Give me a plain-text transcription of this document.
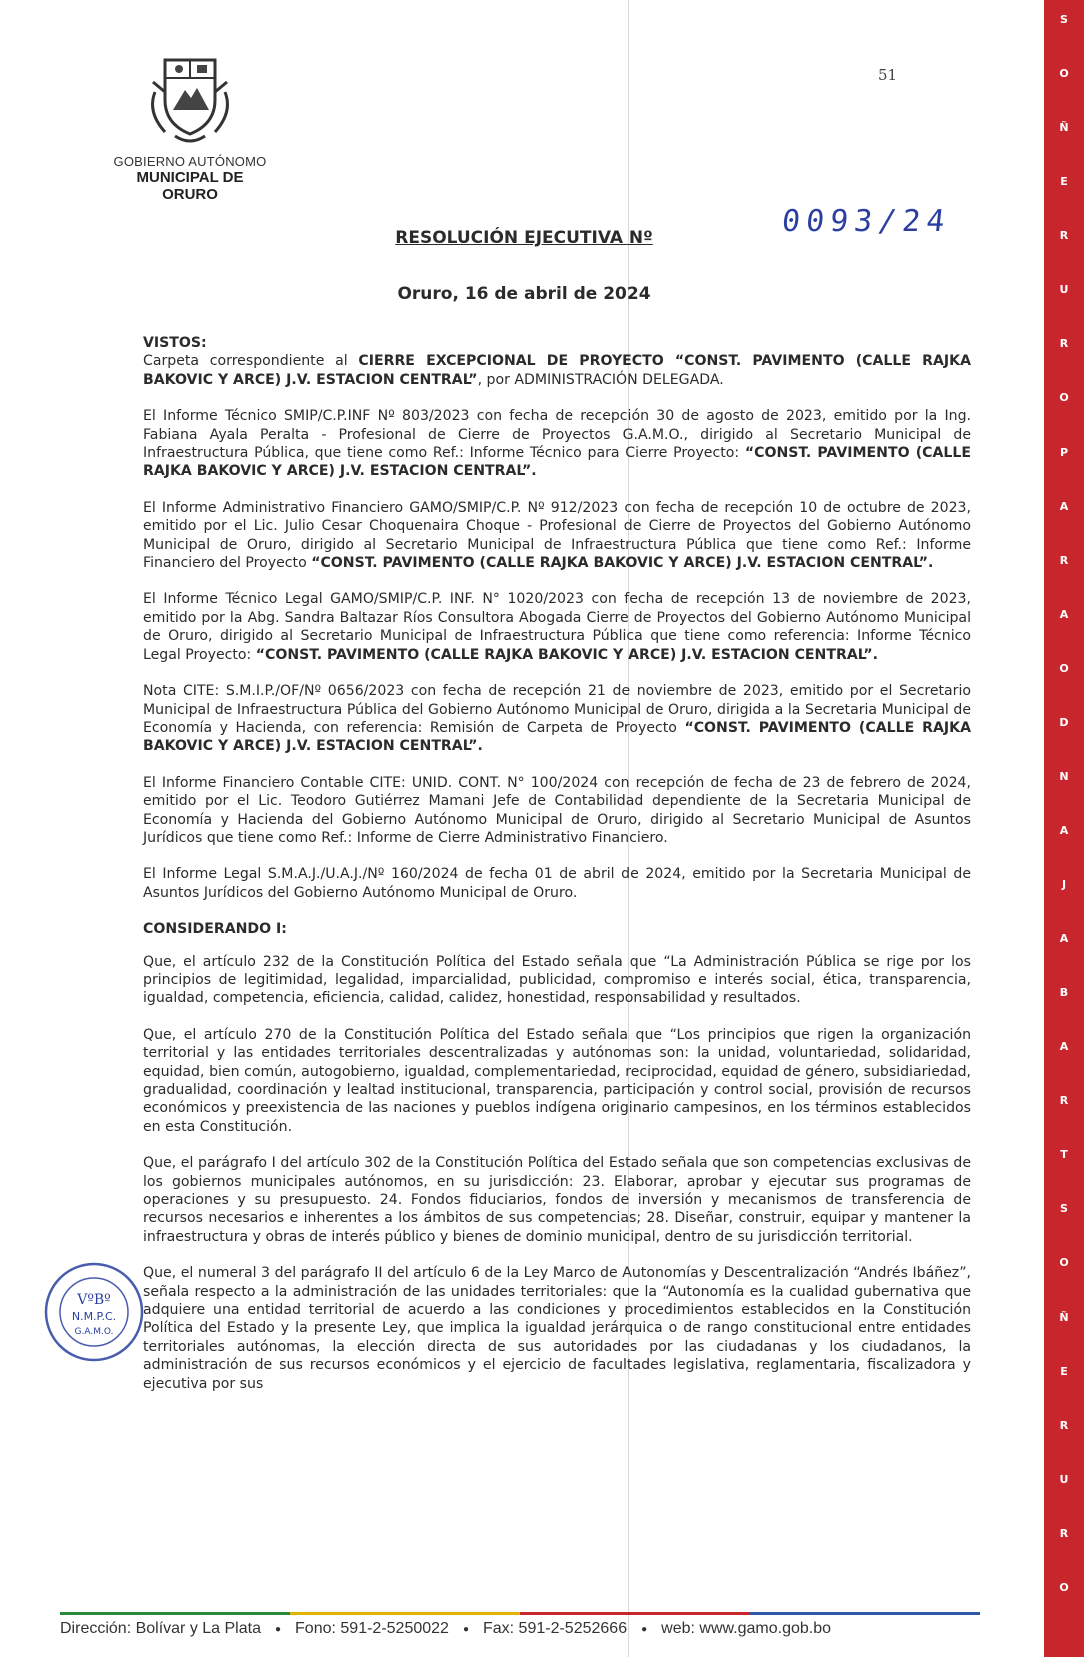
S
O
Ñ
E
R
U
R
O
P
A
R
A
O
D
N
A
J
A
B
A
R
T
S
O
Ñ
E
R
U
R
O
GOBIERNO AUTÓNOMO
MUNICIPAL DE ORURO
51
0093/24
RESOLUCIÓN EJECUTIVA Nº
Oruro, 16 de abril de 2024

VISTOS:

Carpeta correspondiente al CIERRE EXCEPCIONAL DE PROYECTO “CONST. PAVIMENTO (CALLE RAJKA BAKOVIC Y ARCE) J.V. ESTACION CENTRAL”, por ADMINISTRACIÓN DELEGADA.

El Informe Técnico SMIP/C.P.INF Nº 803/2023 con fecha de recepción 30 de agosto de 2023, emitido por la Ing. Fabiana Ayala Peralta - Profesional de Cierre de Proyectos G.A.M.O., dirigido al Secretario Municipal de Infraestructura Pública, que tiene como Ref.: Informe Técnico para Cierre Proyecto: “CONST. PAVIMENTO (CALLE RAJKA BAKOVIC Y ARCE) J.V. ESTACION CENTRAL”.

El Informe Administrativo Financiero GAMO/SMIP/C.P. Nº 912/2023 con fecha de recepción 10 de octubre de 2023, emitido por el Lic. Julio Cesar Choquenaira Choque - Profesional de Cierre de Proyectos del Gobierno Autónomo Municipal de Oruro, dirigido al Secretario Municipal de Infraestructura Pública que tiene como Ref.: Informe Financiero del Proyecto “CONST. PAVIMENTO (CALLE RAJKA BAKOVIC Y ARCE) J.V. ESTACION CENTRAL”.

El Informe Técnico Legal GAMO/SMIP/C.P. INF. N° 1020/2023 con fecha de recepción 13 de noviembre de 2023, emitido por la Abg. Sandra Baltazar Ríos Consultora Abogada Cierre de Proyectos del Gobierno Autónomo Municipal de Oruro, dirigido al Secretario Municipal de Infraestructura Pública que tiene como referencia: Informe Técnico Legal Proyecto: “CONST. PAVIMENTO (CALLE RAJKA BAKOVIC Y ARCE) J.V. ESTACION CENTRAL”.

Nota CITE: S.M.I.P./OF/Nº 0656/2023 con fecha de recepción 21 de noviembre de 2023, emitido por el Secretario Municipal de Infraestructura Pública del Gobierno Autónomo Municipal de Oruro, dirigida a la Secretaria Municipal de Economía y Hacienda, con referencia: Remisión de Carpeta de Proyecto “CONST. PAVIMENTO (CALLE RAJKA BAKOVIC Y ARCE) J.V. ESTACION CENTRAL”.

El Informe Financiero Contable CITE: UNID. CONT. N° 100/2024 con recepción de fecha de 23 de febrero de 2024, emitido por el Lic. Teodoro Gutiérrez Mamani Jefe de Contabilidad dependiente de la Secretaria Municipal de Economía y Hacienda del Gobierno Autónomo Municipal de Oruro, dirigido al Secretario Municipal de Asuntos Jurídicos que tiene como Ref.: Informe de Cierre Administrativo Financiero.

El Informe Legal S.M.A.J./U.A.J./Nº 160/2024 de fecha 01 de abril de 2024, emitido por la Secretaria Municipal de Asuntos Jurídicos del Gobierno Autónomo Municipal de Oruro.

CONSIDERANDO I:

Que, el artículo 232 de la Constitución Política del Estado señala que “La Administración Pública se rige por los principios de legitimidad, legalidad, imparcialidad, publicidad, compromiso e interés social, ética, transparencia, igualdad, competencia, eficiencia, calidad, calidez, honestidad, responsabilidad y resultados.

Que, el artículo 270 de la Constitución Política del Estado señala que “Los principios que rigen la organización territorial y las entidades territoriales descentralizadas y autónomas son: la unidad, voluntariedad, solidaridad, equidad, bien común, autogobierno, igualdad, complementariedad, reciprocidad, equidad de género, subsidiariedad, gradualidad, coordinación y lealtad institucional, transparencia, participación y control social, provisión de recursos económicos y preexistencia de las naciones y pueblos indígena originario campesinos, en los términos establecidos en esta Constitución.

Que, el parágrafo I del artículo 302 de la Constitución Política del Estado señala que son competencias exclusivas de los gobiernos municipales autónomos, en su jurisdicción: 23. Elaborar, aprobar y ejecutar sus programas de operaciones y su presupuesto. 24. Fondos fiduciarios, fondos de inversión y mecanismos de transferencia de recursos necesarios e inherentes a los ámbitos de sus competencias; 28. Diseñar, construir, equipar y mantener la infraestructura y obras de interés público y bienes de dominio municipal, dentro de su jurisdicción territorial.

Que, el numeral 3 del parágrafo II del artículo 6 de la Ley Marco de Autonomías y Descentralización “Andrés Ibáñez”, señala respecto a la administración de las unidades territoriales: que la “Autonomía es la cualidad gubernativa que adquiere una entidad territorial de acuerdo a las condiciones y procedimientos establecidos en la Constitución Política del Estado y la presente Ley, que implica la igualdad jerárquica o de rango constitucional entre entidades territoriales autónomas, la elección directa de sus autoridades por las ciudadanas y los ciudadanos, la administración de sus recursos económicos y el ejercicio de facultades legislativa, reglamentaria, fiscalizadora y ejecutiva por sus

VºBº
N.M.P.C.
G.A.M.O.
Dirección: Bolívar y La Plata ● Fono: 591-2-5250022 ● Fax: 591-2-5252666 ● web: www.gamo.gob.bo
